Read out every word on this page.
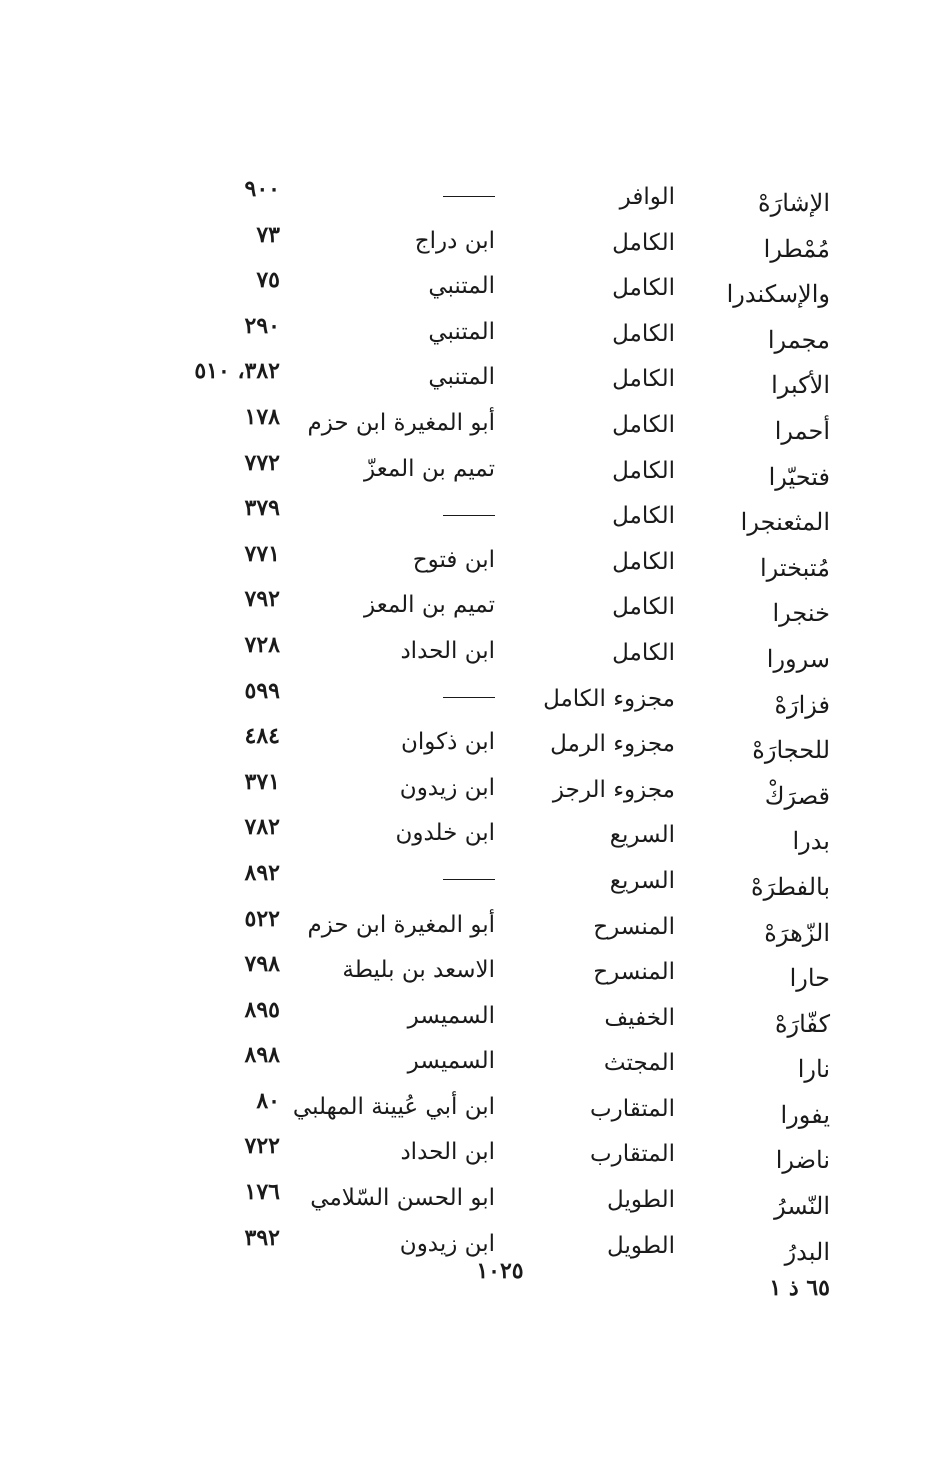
الإشارَهْ
الوافر
٩٠٠
مُمْطرا
الكامل
ابن دراج
٧٣
والإسكندرا
الكامل
المتنبي
٧٥
مجمرا
الكامل
المتنبي
٢٩٠
الأكبرا
الكامل
المتنبي
٣٨٢، ٥١٠
أحمرا
الكامل
أبو المغيرة ابن حزم
١٧٨
فتحيّرا
الكامل
تميم بن المعزّ
٧٧٢
المثعنجرا
الكامل
٣٧٩
مُتبخترا
الكامل
ابن فتوح
٧٧١
خنجرا
الكامل
تميم بن المعز
٧٩٢
سرورا
الكامل
ابن الحداد
٧٢٨
فزارَهْ
مجزوء الكامل
٥٩٩
للحجارَهْ
مجزوء الرمل
ابن ذكوان
٤٨٤
قصرَكْ
مجزوء الرجز
ابن زيدون
٣٧١
بدرا
السريع
ابن خلدون
٧٨٢
بالفطرَهْ
السريع
٨٩٢
الزّهرَهْ
المنسرح
أبو المغيرة ابن حزم
٥٢٢
حارا
المنسرح
الاسعد بن بليطة
٧٩٨
كفّارَهْ
الخفيف
السميسر
٨٩٥
نارا
المجتث
السميسر
٨٩٨
يفورا
المتقارب
ابن أبي عُيينة المهلبي
٨٠
ناضرا
المتقارب
ابن الحداد
٧٢٢
النّسرُ
الطويل
ابو الحسن السّلامي
١٧٦
البدرُ
الطويل
ابن زيدون
٣٩٢
١٠٢٥
٦٥ ذ ١
